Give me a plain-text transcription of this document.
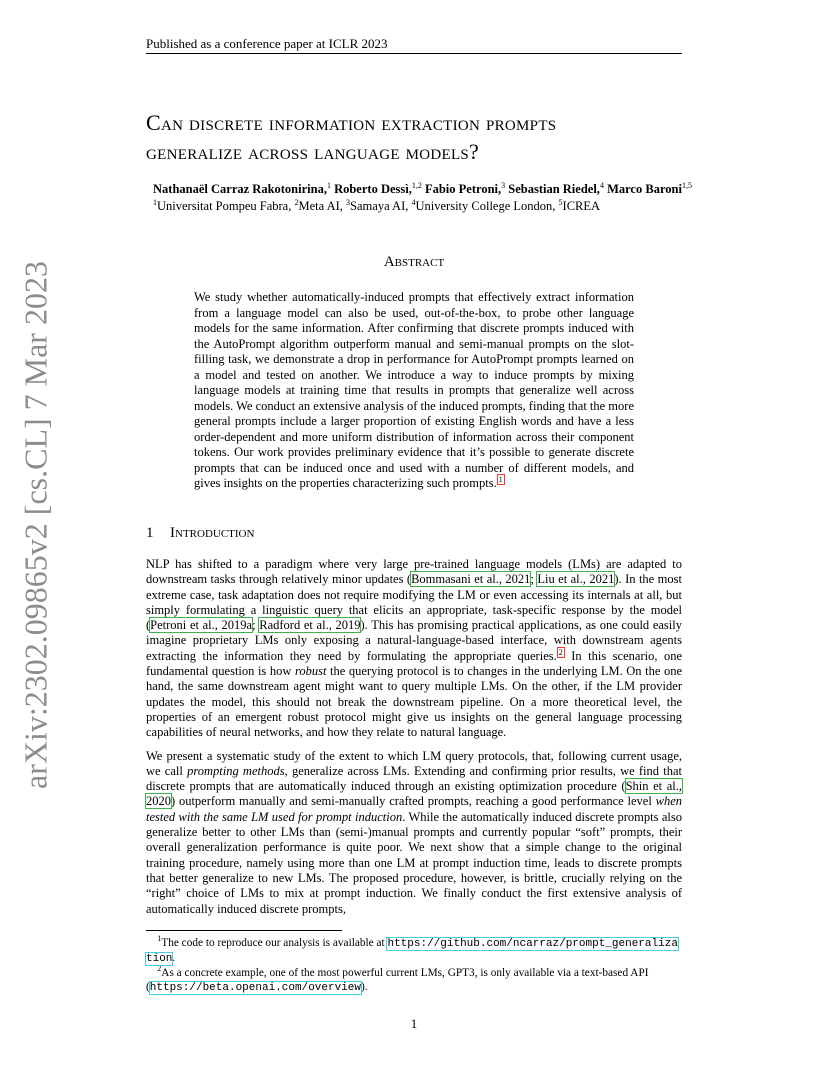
Published as a conference paper at ICLR 2023
arXiv:2302.09865v2 [cs.CL] 7 Mar 2023
Can discrete information extraction prompts
generalize across language models?
Nathanaël Carraz Rakotonirina,$^1$ Roberto Dessì,$^{1,2}$ Fabio Petroni,$^3$ Sebastian Riedel,$^4$ Marco Baroni$^{1,5}$
$^1$Universitat Pompeu Fabra, $^2$Meta AI, $^3$Samaya AI, $^4$University College London, $^5$ICREA
Abstract
We study whether automatically-induced prompts that effectively extract information from a language model can also be used, out-of-the-box, to probe other language models for the same information. After confirming that discrete prompts induced with the AutoPrompt algorithm outperform manual and semi-manual prompts on the slot-filling task, we demonstrate a drop in performance for AutoPrompt prompts learned on a model and tested on another. We introduce a way to induce prompts by mixing language models at training time that results in prompts that generalize well across models. We conduct an extensive analysis of the induced prompts, finding that the more general prompts include a larger proportion of existing English words and have a less order-dependent and more uniform distribution of information across their component tokens. Our work provides preliminary evidence that it’s possible to generate discrete prompts that can be induced once and used with a number of different models, and gives insights on the properties characterizing such prompts. $^1$
1 Introduction

NLP has shifted to a paradigm where very large pre-trained language models (LMs) are adapted to downstream tasks through relatively minor updates (Bommasani et al., 2021; Liu et al., 2021). In the most extreme case, task adaptation does not require modifying the LM or even accessing its internals at all, but simply formulating a linguistic query that elicits an appropriate, task-specific response by the model (Petroni et al., 2019a; Radford et al., 2019). This has promising practical applications, as one could easily imagine proprietary LMs only exposing a natural-language-based interface, with downstream agents extracting the information they need by formulating the appropriate queries. $^2$ In this scenario, one fundamental question is how robust the querying protocol is to changes in the underlying LM. On the one hand, the same downstream agent might want to query multiple LMs. On the other, if the LM provider updates the model, this should not break the downstream pipeline. On a more theoretical level, the properties of an emergent robust protocol might give us insights on the general language processing capabilities of neural networks, and how they relate to natural language.

We present a systematic study of the extent to which LM query protocols, that, following current usage, we call prompting methods, generalize across LMs. Extending and confirming prior results, we find that discrete prompts that are automatically induced through an existing optimization procedure (Shin et al., 2020) outperform manually and semi-manually crafted prompts, reaching a good performance level when tested with the same LM used for prompt induction. While the automatically induced discrete prompts also generalize better to other LMs than (semi-)manual prompts and currently popular “soft” prompts, their overall generalization performance is quite poor. We next show that a simple change to the original training procedure, namely using more than one LM at prompt induction time, leads to discrete prompts that better generalize to new LMs. The proposed procedure, however, is brittle, crucially relying on the “right” choice of LMs to mix at prompt induction. We finally conduct the first extensive analysis of automatically induced discrete prompts,

$^1$The code to reproduce our analysis is available at https://github.com/ncarraz/prompt_generalization.

$^2$As a concrete example, one of the most powerful current LMs, GPT3, is only available via a text-based API (https://beta.openai.com/overview).

1
